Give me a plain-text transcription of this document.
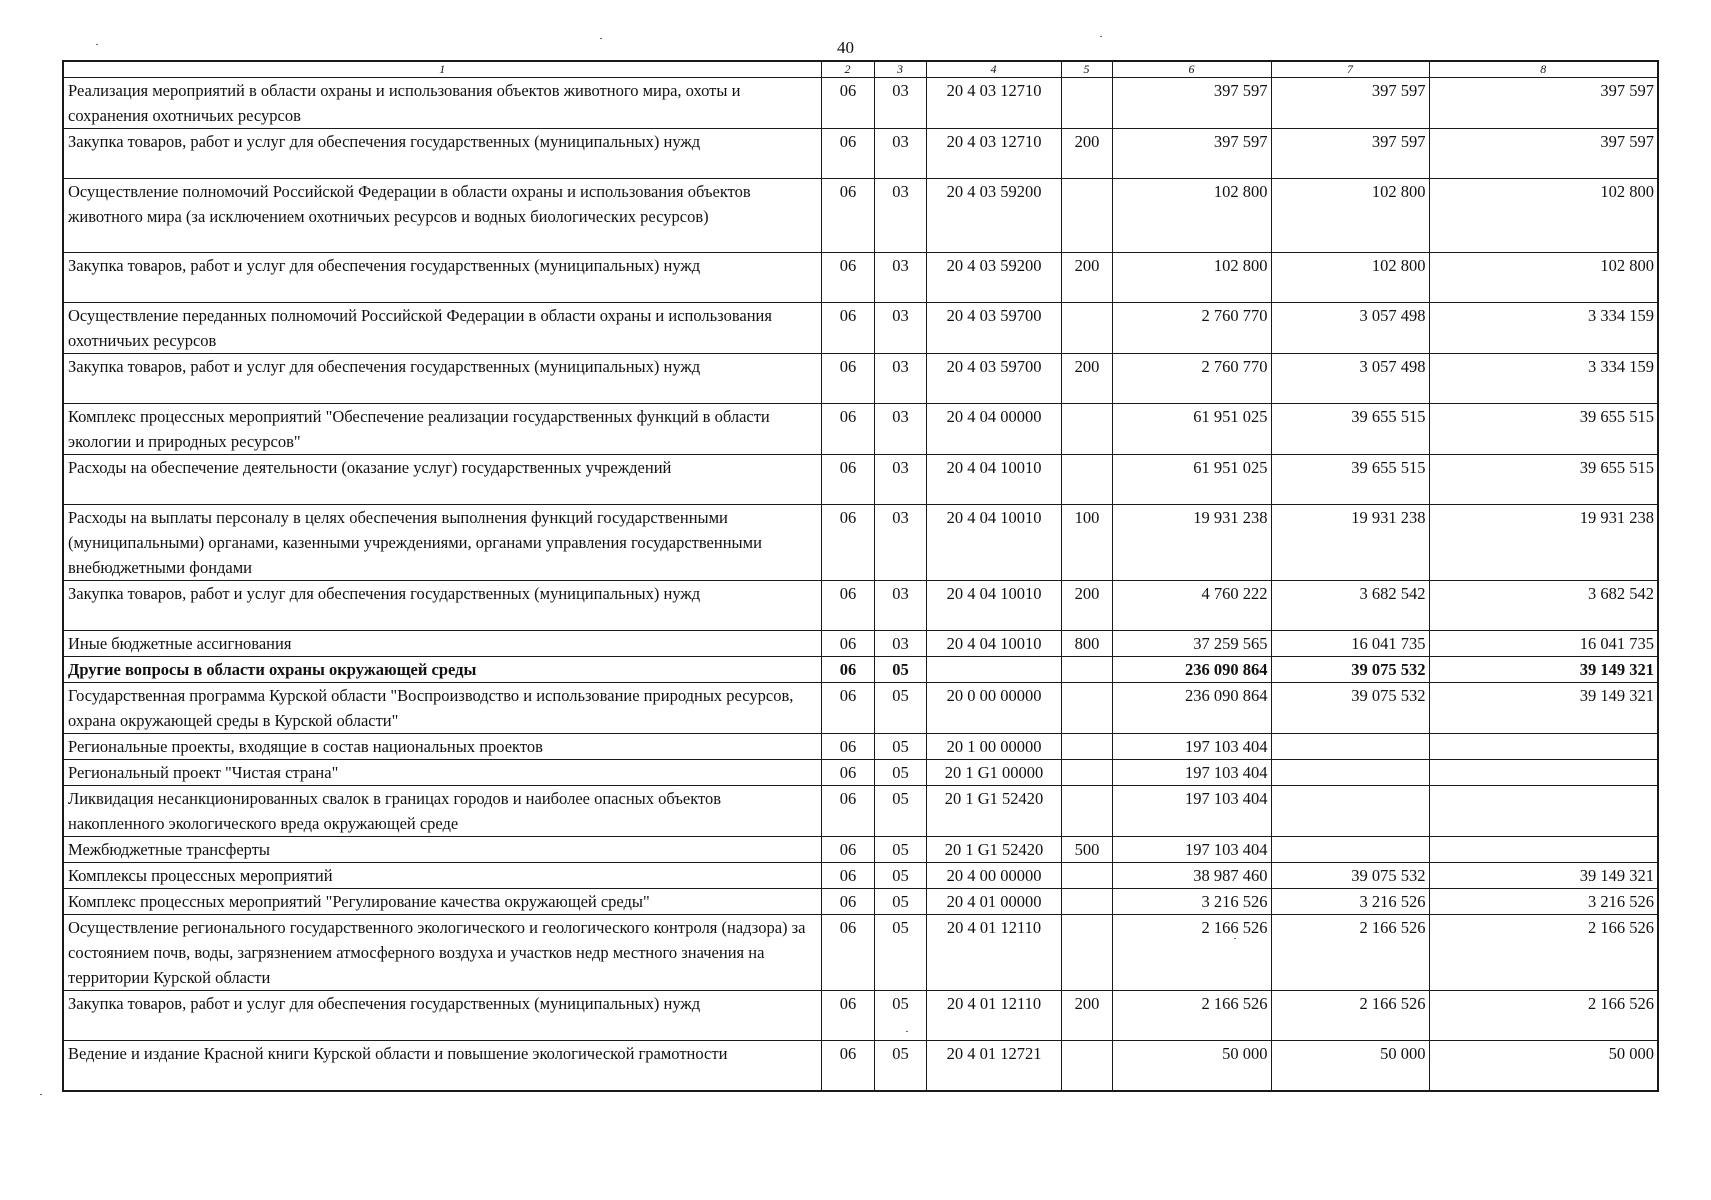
40
1	2	3	4	5	6	7	8
Реализация мероприятий в области охраны и использования объектов животного мира, охоты и сохранения охотничьих ресурсов	06	03	20 4 03 12710		397 597	397 597	397 597
Закупка товаров, работ и услуг для обеспечения государственных (муниципальных) нужд	06	03	20 4 03 12710	200	397 597	397 597	397 597
Осуществление полномочий Российской Федерации в области охраны и использования объектов животного мира (за исключением охотничьих ресурсов и водных биологических ресурсов)	06	03	20 4 03 59200		102 800	102 800	102 800
Закупка товаров, работ и услуг для обеспечения государственных (муниципальных) нужд	06	03	20 4 03 59200	200	102 800	102 800	102 800
Осуществление переданных полномочий Российской Федерации в области охраны и использования охотничьих ресурсов	06	03	20 4 03 59700		2 760 770	3 057 498	3 334 159
Закупка товаров, работ и услуг для обеспечения государственных (муниципальных) нужд	06	03	20 4 03 59700	200	2 760 770	3 057 498	3 334 159
Комплекс процессных мероприятий "Обеспечение реализации государственных функций в области экологии и природных ресурсов"	06	03	20 4 04 00000		61 951 025	39 655 515	39 655 515
Расходы на обеспечение деятельности (оказание услуг) государственных учреждений	06	03	20 4 04 10010		61 951 025	39 655 515	39 655 515
Расходы на выплаты персоналу в целях обеспечения выполнения функций государственными (муниципальными) органами, казенными учреждениями, органами управления государственными внебюджетными фондами	06	03	20 4 04 10010	100	19 931 238	19 931 238	19 931 238
Закупка товаров, работ и услуг для обеспечения государственных (муниципальных) нужд	06	03	20 4 04 10010	200	4 760 222	3 682 542	3 682 542
Иные бюджетные ассигнования	06	03	20 4 04 10010	800	37 259 565	16 041 735	16 041 735
Другие вопросы в области охраны окружающей среды	06	05			236 090 864	39 075 532	39 149 321
Государственная программа Курской области "Воспроизводство и использование природных ресурсов, охрана окружающей среды в Курской области"	06	05	20 0 00 00000		236 090 864	39 075 532	39 149 321
Региональные проекты, входящие в состав национальных проектов	06	05	20 1 00 00000		197 103 404		
Региональный проект "Чистая страна"	06	05	20 1 G1 00000		197 103 404		
Ликвидация несанкционированных свалок в границах городов и наиболее опасных объектов накопленного экологического вреда окружающей среде	06	05	20 1 G1 52420		197 103 404		
Межбюджетные трансферты	06	05	20 1 G1 52420	500	197 103 404		
Комплексы процессных мероприятий	06	05	20 4 00 00000		38 987 460	39 075 532	39 149 321
Комплекс процессных мероприятий "Регулирование качества окружающей среды"	06	05	20 4 01 00000		3 216 526	3 216 526	3 216 526
Осуществление регионального государственного экологического и геологического контроля (надзора) за состоянием почв, воды, загрязнением атмосферного воздуха и участков недр местного значения на территории Курской области	06	05	20 4 01 12110		2 166 526	2 166 526	2 166 526
Закупка товаров, работ и услуг для обеспечения государственных (муниципальных) нужд	06	05	20 4 01 12110	200	2 166 526	2 166 526	2 166 526
Ведение и издание Красной книги Курской области и повышение экологической грамотности	06	05	20 4 01 12721		50 000	50 000	50 000
